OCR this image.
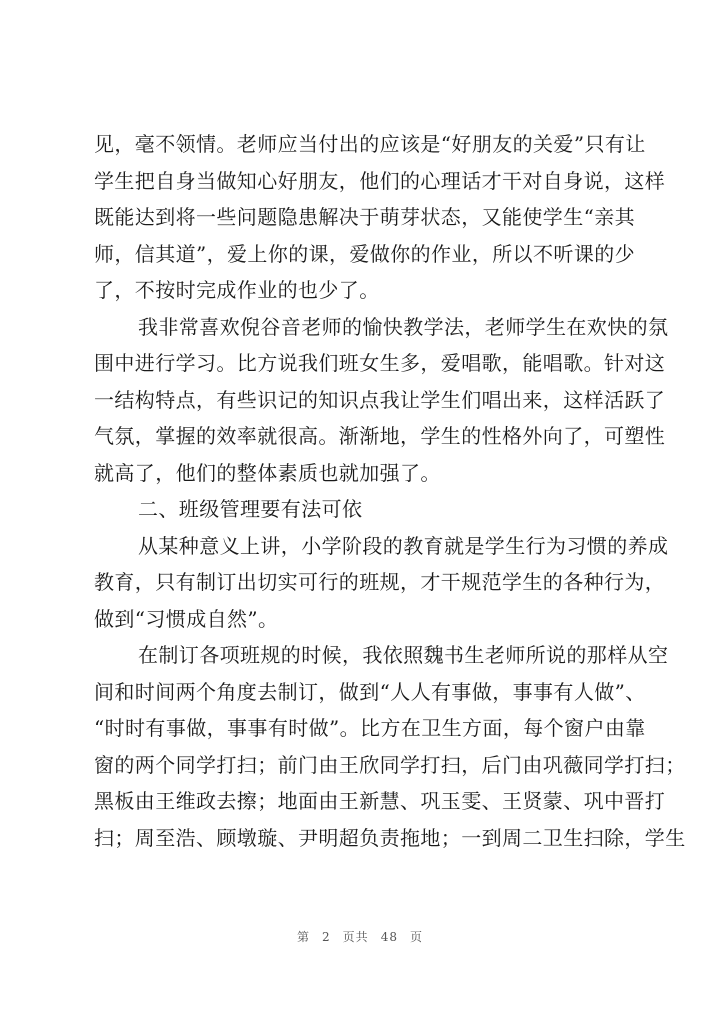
见，毫不领情。老师应当付出的应该是“好朋友的关爱”只有让
学生把自身当做知心好朋友，他们的心理话才干对自身说，这样
既能达到将一些问题隐患解决于萌芽状态，又能使学生“亲其
师，信其道”，爱上你的课，爱做你的作业，所以不听课的少
了，不按时完成作业的也少了。
我非常喜欢倪谷音老师的愉快教学法，老师学生在欢快的氛
围中进行学习。比方说我们班女生多，爱唱歌，能唱歌。针对这
一结构特点，有些识记的知识点我让学生们唱出来，这样活跃了
气氛，掌握的效率就很高。渐渐地，学生的性格外向了，可塑性
就高了，他们的整体素质也就加强了。
二、班级管理要有法可依
从某种意义上讲，小学阶段的教育就是学生行为习惯的养成
教育，只有制订出切实可行的班规，才干规范学生的各种行为，
做到“习惯成自然”。
在制订各项班规的时候，我依照魏书生老师所说的那样从空
间和时间两个角度去制订，做到“人人有事做，事事有人做”、
“时时有事做，事事有时做”。比方在卫生方面，每个窗户由靠
窗的两个同学打扫；前门由王欣同学打扫，后门由巩薇同学打扫；
黑板由王维政去擦；地面由王新慧、巩玉雯、王贤蒙、巩中晋打
扫；周至浩、顾墩璇、尹明超负责拖地；一到周二卫生扫除，学生
第 2 页共 48 页
